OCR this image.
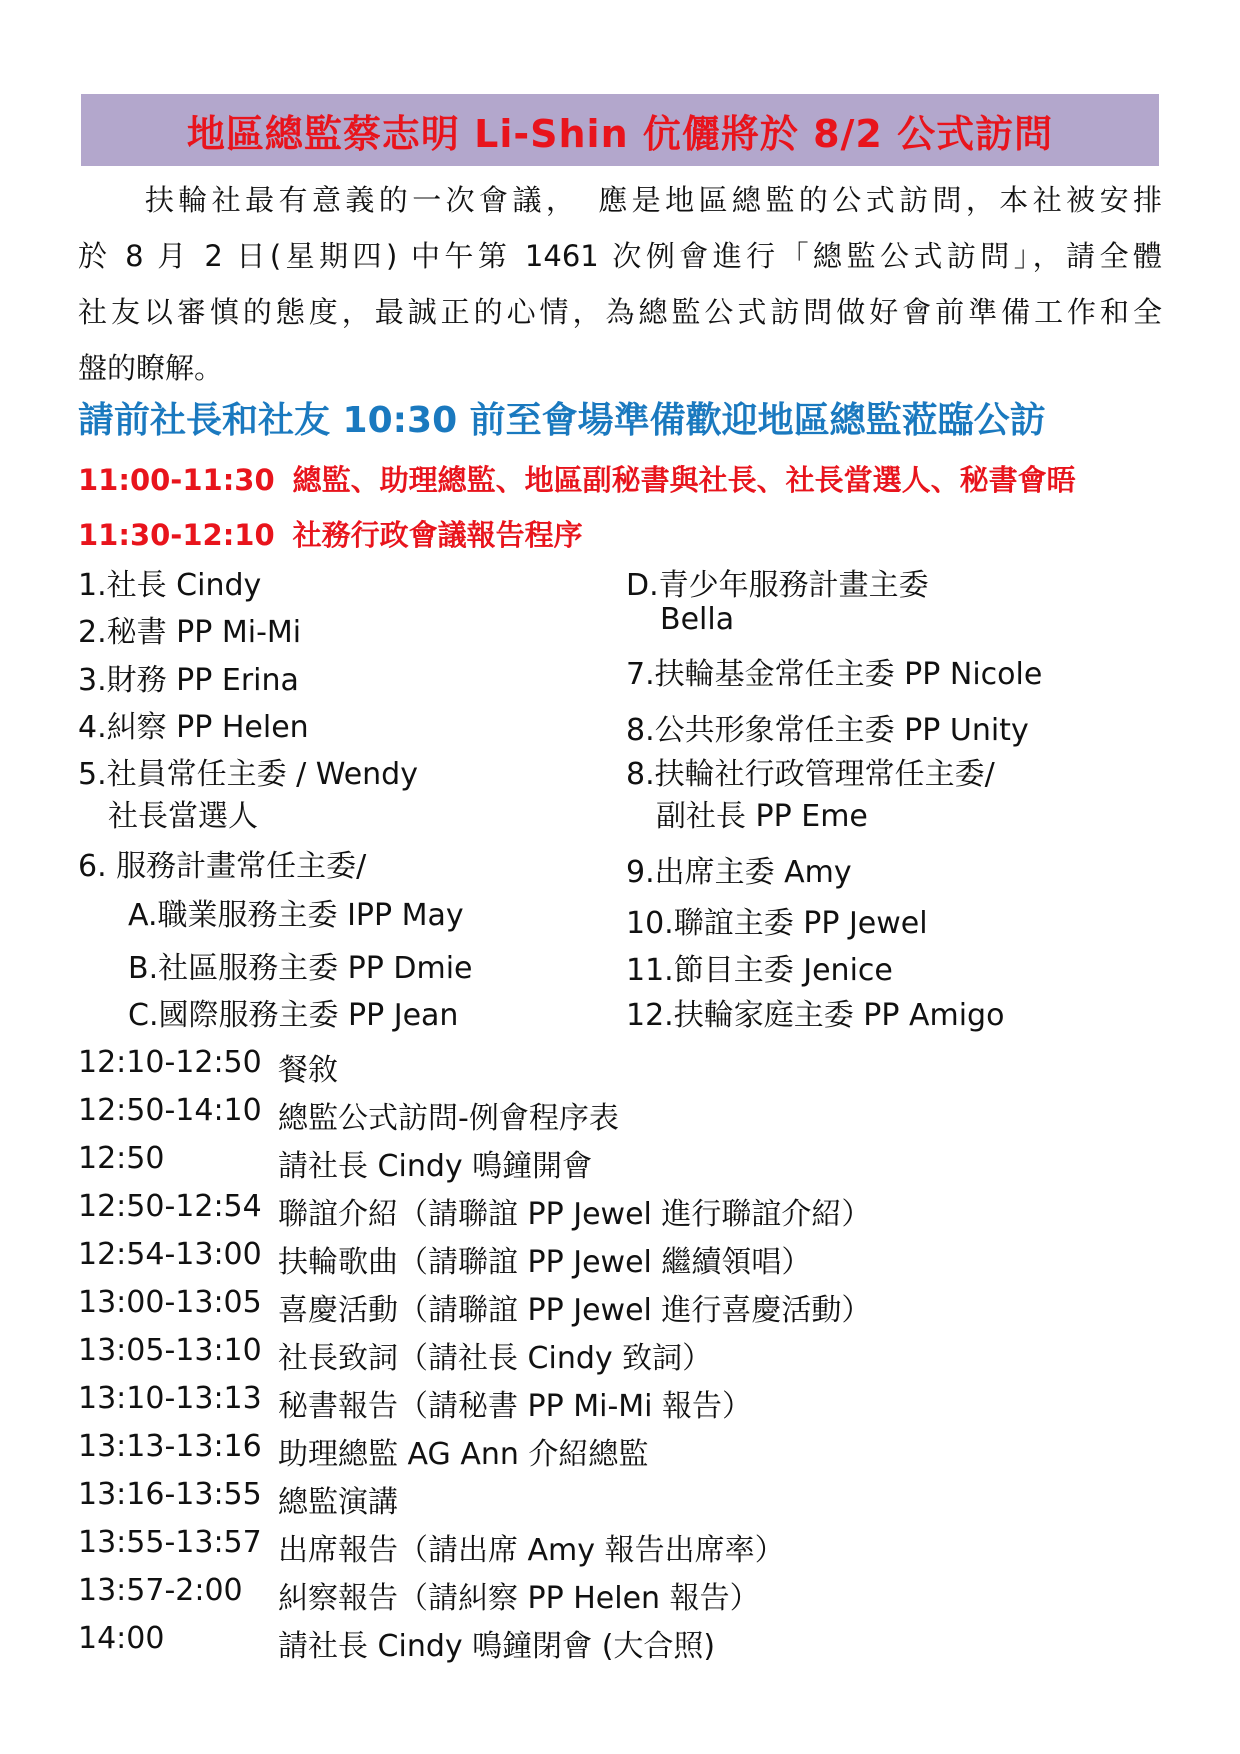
地區總監蔡志明 Li-Shin 伉儷將於 8/2 公式訪問
　　扶輪社最有意義的一次會議，　應是地區總監的公式訪問，本社被安排
於 8 月 2 日(星期四) 中午第 1461 次例會進行「總監公式訪問」，請全體
社友以審慎的態度，最誠正的心情，為總監公式訪問做好會前準備工作和全
盤的瞭解。
請前社長和社友 10:30 前至會場準備歡迎地區總監蒞臨公訪
11:00-11:30 總監、助理總監、地區副秘書與社長、社長當選人、秘書會晤
11:30-12:10 社務行政會議報告程序
1.社長 Cindy
2.秘書 PP Mi-Mi
3.財務 PP Erina
4.糾察 PP Helen
5.社員常任主委 / Wendy
社長當選人
6. 服務計畫常任主委/
A.職業服務主委 IPP May
B.社區服務主委 PP Dmie
C.國際服務主委 PP Jean
D.青少年服務計畫主委
Bella
7.扶輪基金常任主委 PP Nicole
8.公共形象常任主委 PP Unity
8.扶輪社行政管理常任主委/
副社長 PP Eme
9.出席主委 Amy
10.聯誼主委 PP Jewel
11.節目主委 Jenice
12.扶輪家庭主委 PP Amigo
12:10-12:50 餐敘
12:50-14:10 總監公式訪問-例會程序表
12:50	請社長 Cindy 鳴鐘開會
12:50-12:54 聯誼介紹（請聯誼 PP Jewel 進行聯誼介紹）
12:54-13:00 扶輪歌曲（請聯誼 PP Jewel 繼續領唱）
13:00-13:05 喜慶活動（請聯誼 PP Jewel 進行喜慶活動）
13:05-13:10 社長致詞（請社長 Cindy 致詞）
13:10-13:13 秘書報告（請秘書 PP Mi-Mi 報告）
13:13-13:16 助理總監 AG Ann 介紹總監
13:16-13:55 總監演講
13:55-13:57 出席報告（請出席 Amy 報告出席率）
13:57-2:00 糾察報告（請糾察 PP Helen 報告）
14:00	請社長 Cindy 鳴鐘閉會 (大合照)
